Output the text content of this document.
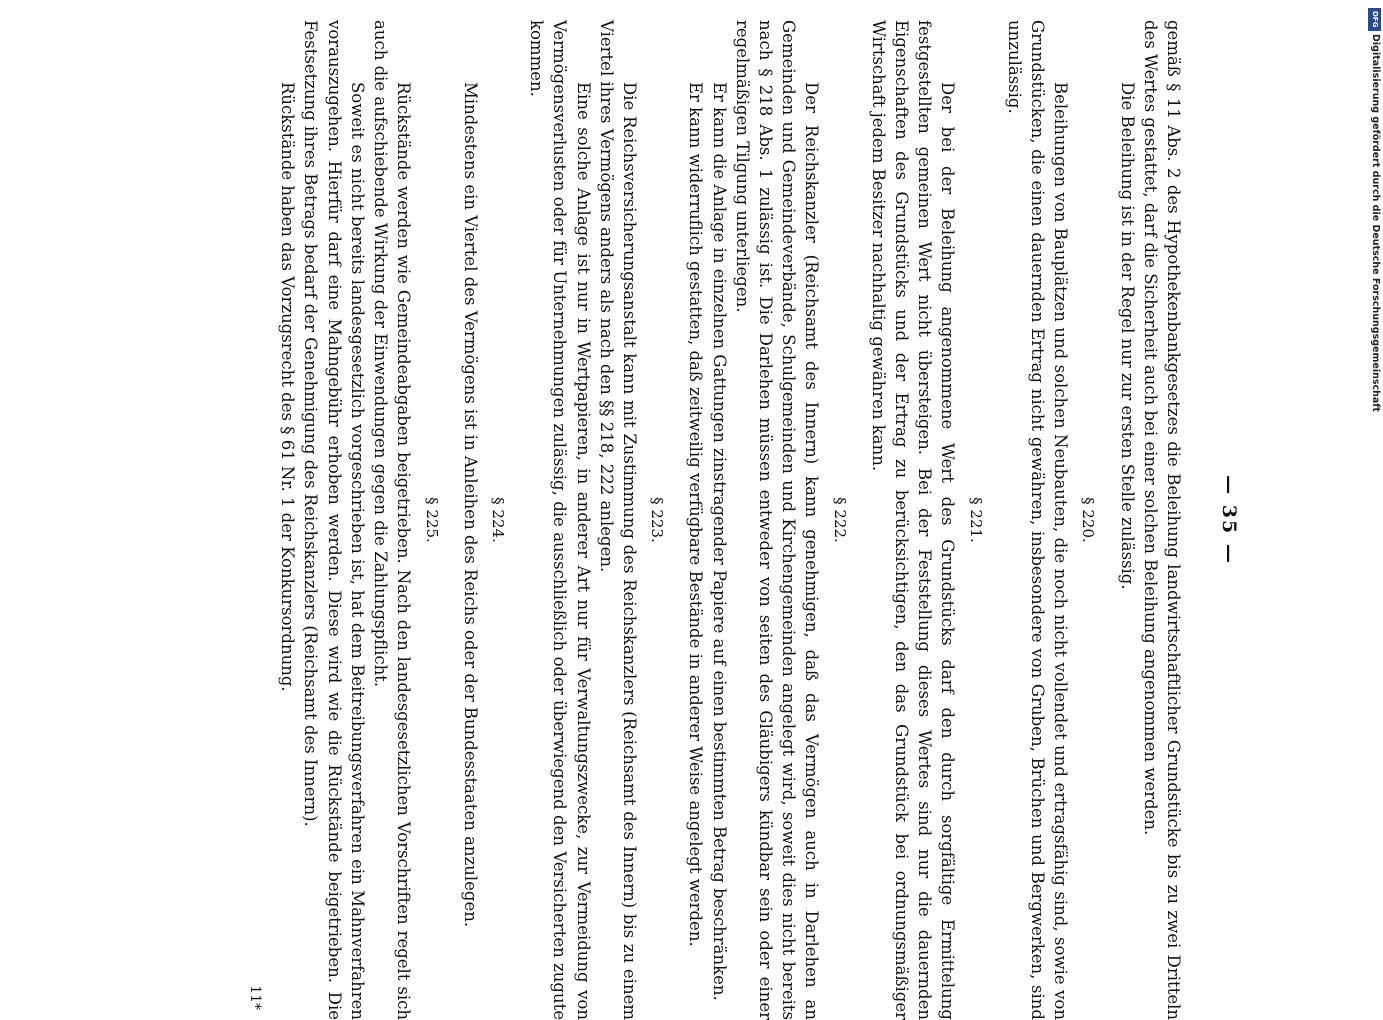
— 35 —

gemäß § 11 Abs. 2 des Hypothekenbankgesetzes die Beleihung landwirtschaftlicher Grundstücke bis zu zwei Dritteln des Wertes gestattet, darf die Sicherheit auch bei einer solchen Beleihung angenommen werden.

Die Beleihung ist in der Regel nur zur ersten Stelle zulässig.

§ 220.

Beleihungen von Bauplätzen und solchen Neubauten, die noch nicht vollendet und ertragsfähig sind, sowie von Grundstücken, die einen dauernden Ertrag nicht gewähren, insbesondere von Gruben, Brüchen und Bergwerken, sind unzulässig.

§ 221.

Der bei der Beleihung angenommene Wert des Grundstücks darf den durch sorgfältige Ermittelung festgestellten gemeinen Wert nicht übersteigen. Bei der Feststellung dieses Wertes sind nur die dauernden Eigenschaften des Grundstücks und der Ertrag zu berücksichtigen, den das Grundstück bei ordnungsmäßiger Wirtschaft jedem Besitzer nachhaltig gewähren kann.

§ 222.

Der Reichskanzler (Reichsamt des Innern) kann genehmigen, daß das Vermögen auch in Darlehen an Gemeinden und Gemeindeverbände, Schulgemeinden und Kirchengemeinden angelegt wird, soweit dies nicht bereits nach § 218 Abs. 1 zulässig ist. Die Darlehen müssen entweder von seiten des Gläubigers kündbar sein oder einer regelmäßigen Tilgung unterliegen.

Er kann die Anlage in einzelnen Gattungen zinstragender Papiere auf einen bestimmten Betrag beschränken.

Er kann widerruflich gestatten, daß zeitweilig verfügbare Bestände in anderer Weise angelegt werden.

§ 223.

Die Reichsversicherungsanstalt kann mit Zustimmung des Reichskanzlers (Reichsamt des Innern) bis zu einem Viertel ihres Vermögens anders als nach den §§ 218, 222 anlegen.

Eine solche Anlage ist nur in Wertpapieren, in anderer Art nur für Verwaltungszwecke, zur Vermeidung von Vermögensverlusten oder für Unternehmungen zulässig, die ausschließlich oder überwiegend den Versicherten zugute kommen.

§ 224.

Mindestens ein Viertel des Vermögens ist in Anleihen des Reichs oder der Bundesstaaten anzulegen.

§ 225.

Rückstände werden wie Gemeindeabgaben beigetrieben. Nach den landesgesetzlichen Vorschriften regelt sich auch die aufschiebende Wirkung der Einwendungen gegen die Zahlungspflicht.

Soweit es nicht bereits landesgesetzlich vorgeschrieben ist, hat dem Beitreibungsverfahren ein Mahnverfahren vorauszugehen. Hierfür darf eine Mahngebühr erhoben werden. Diese wird wie die Rückstände beigetrieben. Die Festsetzung ihres Betrags bedarf der Genehmigung des Reichskanzlers (Reichsamt des Innern).

Rückstände haben das Vorzugsrecht des § 61 Nr. 1 der Konkursordnung.

11*
DFG
Digitalisierung gefördert durch die Deutsche Forschungsgemeinschaft
